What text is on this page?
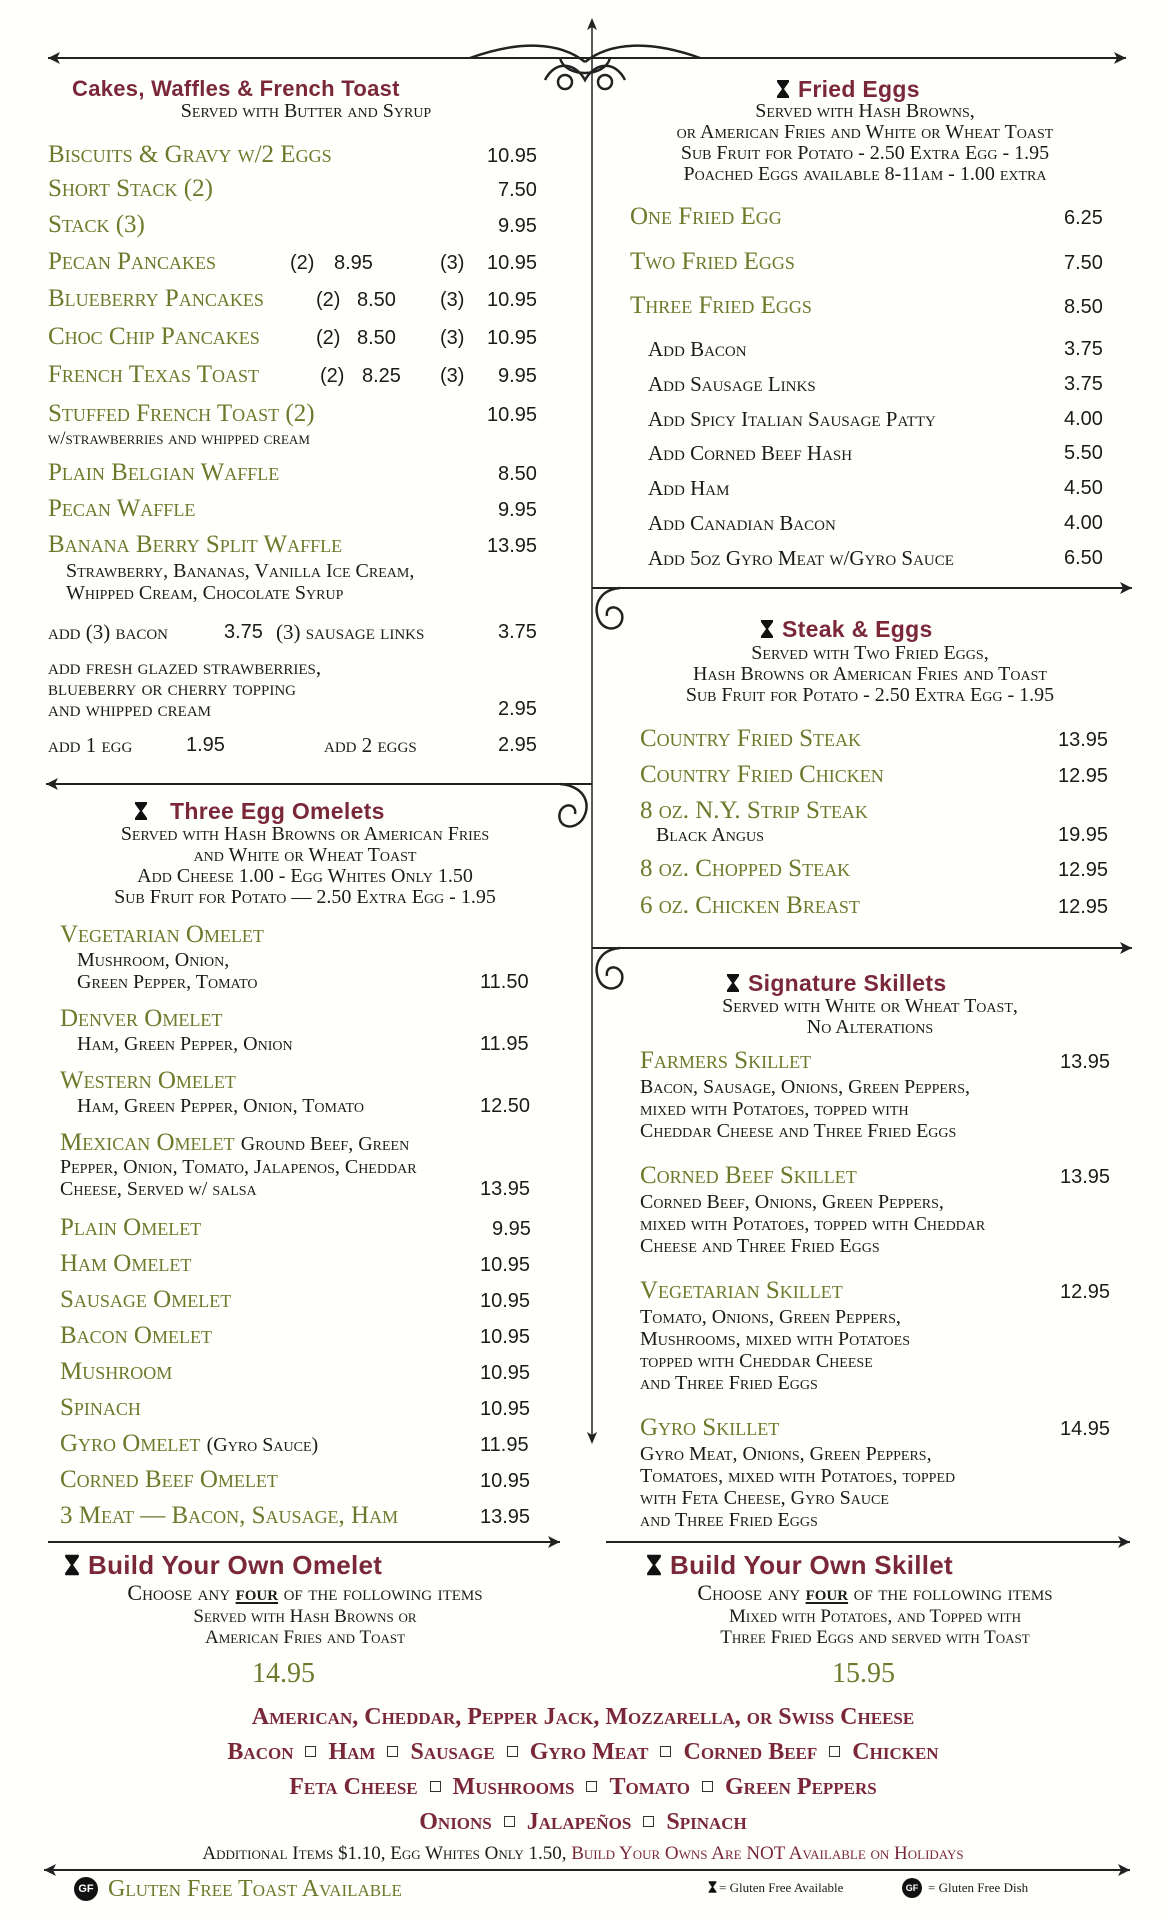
Cakes, Waffles & French Toast
Served with Butter and Syrup
Biscuits & Gravy w/2 Eggs	10.95
Short Stack (2)	7.50
Stack (3)	9.95
Pecan Pancakes	(2) 8.95	(3) 10.95
Blueberry Pancakes	(2) 8.50 (3) 10.95
Choc Chip Pancakes	(2) 8.50 (3) 10.95
French Texas Toast	(2) 8.25 (3) 9.95
Stuffed French Toast (2)	10.95
w/strawberries and whipped cream
Plain Belgian Waffle	8.50
Pecan Waffle	9.95
Banana Berry Split Waffle	13.95
Strawberry, Bananas, Vanilla Ice Cream,
Whipped Cream, Chocolate Syrup
add (3) bacon	3.75 (3) sausage links	3.75
add fresh glazed strawberries,
blueberry or cherry topping
and whipped cream	2.95
add 1 egg	1.95	add 2 eggs	2.95
Fried Eggs
Served with Hash Browns,
or American Fries and White or Wheat Toast
Sub Fruit for Potato - 2.50 Extra Egg - 1.95
Poached Eggs available 8-11am - 1.00 extra
One Fried Egg	6.25
Two Fried Eggs	7.50
Three Fried Eggs	8.50
Add Bacon	3.75
Add Sausage Links	3.75
Add Spicy Italian Sausage Patty	4.00
Add Corned Beef Hash	5.50
Add Ham	4.50
Add Canadian Bacon	4.00
Add 5oz Gyro Meat w/Gyro Sauce	6.50
Steak & Eggs
Served with Two Fried Eggs,
Hash Browns or American Fries and Toast
Sub Fruit for Potato - 2.50 Extra Egg - 1.95
Country Fried Steak	13.95
Country Fried Chicken	12.95
8 oz. N.Y. Strip Steak
Black Angus	19.95
8 oz. Chopped Steak	12.95
6 oz. Chicken Breast	12.95
Three Egg Omelets
Served with Hash Browns or American Fries
and White or Wheat Toast
Add Cheese 1.00 - Egg Whites Only 1.50
Sub Fruit for Potato — 2.50 Extra Egg - 1.95
Vegetarian Omelet
Mushroom, Onion,
Green Pepper, Tomato	11.50
Denver Omelet
Ham, Green Pepper, Onion	11.95
Western Omelet
Ham, Green Pepper, Onion, Tomato	12.50
Mexican Omelet Ground Beef, Green
Pepper, Onion, Tomato, Jalapenos, Cheddar
Cheese, Served w/ salsa	13.95
Plain Omelet	9.95
Ham Omelet	10.95
Sausage Omelet	10.95
Bacon Omelet	10.95
Mushroom	10.95
Spinach	10.95
Gyro Omelet (Gyro Sauce)	11.95
Corned Beef Omelet	10.95
3 Meat — Bacon, Sausage, Ham	13.95
Signature Skillets
Served with White or Wheat Toast,
No Alterations
Farmers Skillet	13.95
Bacon, Sausage, Onions, Green Peppers,
mixed with Potatoes, topped with
Cheddar Cheese and Three Fried Eggs
Corned Beef Skillet	13.95
Corned Beef, Onions, Green Peppers,
mixed with Potatoes, topped with Cheddar
Cheese and Three Fried Eggs
Vegetarian Skillet	12.95
Tomato, Onions, Green Peppers,
Mushrooms, mixed with Potatoes
topped with Cheddar Cheese
and Three Fried Eggs
Gyro Skillet	14.95
Gyro Meat, Onions, Green Peppers,
Tomatoes, mixed with Potatoes, topped
with Feta Cheese, Gyro Sauce
and Three Fried Eggs
Build Your Own Omelet
Choose any four of the following items
Served with Hash Browns or
American Fries and Toast
14.95
Build Your Own Skillet
Choose any four of the following items
Mixed with Potatoes, and Topped with
Three Fried Eggs and served with Toast
15.95
American, Cheddar, Pepper Jack, Mozzarella, or Swiss Cheese
Bacon Ham Sausage Gyro Meat Corned Beef Chicken
Feta Cheese Mushrooms Tomato Green Peppers
Onions Jalapeños Spinach
Additional Items $1.10, Egg Whites Only 1.50, Build Your Owns Are NOT Available on Holidays
GF Gluten Free Toast Available	= Gluten Free Available	GF = Gluten Free Dish
